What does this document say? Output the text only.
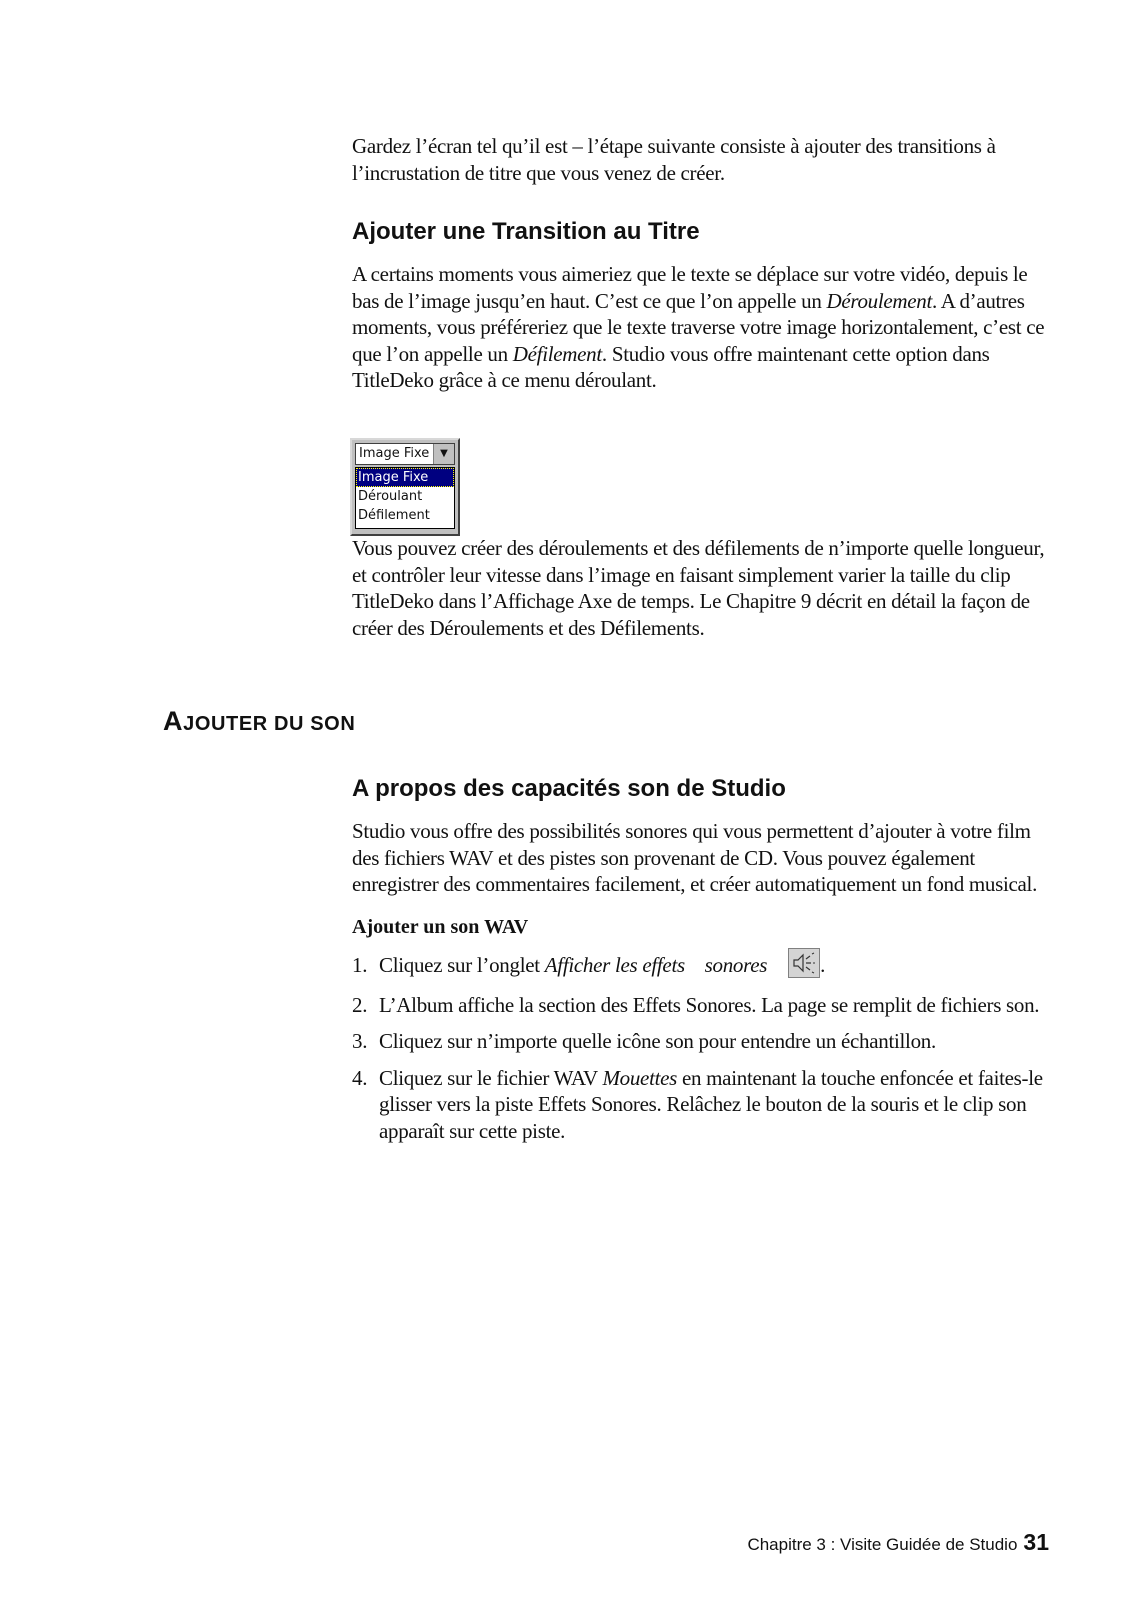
Gardez l’écran tel qu’il est – l’étape suivante consiste à ajouter des transitions à l’incrustation de titre que vous venez de créer.

Ajouter une Transition au Titre

A certains moments vous aimeriez que le texte se déplace sur votre vidéo, depuis le bas de l’image jusqu’en haut. C’est ce que l’on appelle un Déroulement. A d’autres moments, vous préféreriez que le texte traverse votre image horizontalement, c’est ce que l’on appelle un Défilement. Studio vous offre maintenant cette option dans TitleDeko grâce à ce menu déroulant.

Image Fixe	▼
Image Fixe
Déroulant
Défilement

Vous pouvez créer des déroulements et des défilements de n’importe quelle longueur, et contrôler leur vitesse dans l’image en faisant simplement varier la taille du clip TitleDeko dans l’Affichage Axe de temps. Le Chapitre 9 décrit en détail la façon de créer des Déroulements et des Défilements.

AJOUTER DU SON
A propos des capacités son de Studio

Studio vous offre des possibilités sonores qui vous permettent d’ajouter à votre film des fichiers WAV et des pistes son provenant de CD. Vous pouvez également enregistrer des commentaires facilement, et créer automatiquement un fond musical.

Ajouter un son WAV
1. Cliquez sur l’onglet Afficher les effets    sonores	.
2. L’Album affiche la section des Effets Sonores. La page se remplit de fichiers son.
3. Cliquez sur n’importe quelle icône son pour entendre un échantillon.
4. Cliquez sur le fichier WAV Mouettes en maintenant la touche enfoncée et faites-le glisser vers la piste Effets Sonores. Relâchez le bouton de la souris et le clip son apparaît sur cette piste.
Chapitre 3 : Visite Guidée de Studio 31
